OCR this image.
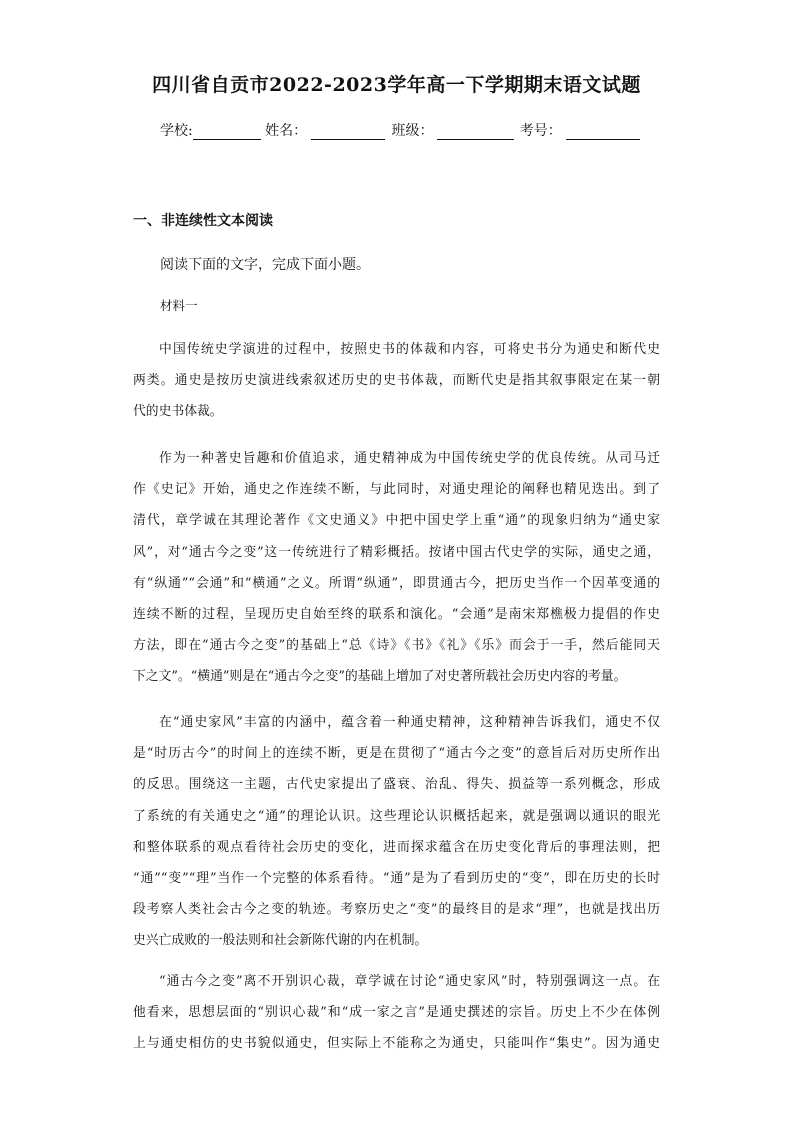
四川省自贡市2022-2023学年高一下学期期末语文试题
学校:	姓名：	班级：	考号：
一、非连续性文本阅读
阅读下面的文字，完成下面小题。
材料一
中国传统史学演进的过程中，按照史书的体裁和内容，可将史书分为通史和断代史
两类。通史是按历史演进线索叙述历史的史书体裁，而断代史是指其叙事限定在某一朝
代的史书体裁。
作为一种著史旨趣和价值追求，通史精神成为中国传统史学的优良传统。从司马迁
作《史记》开始，通史之作连续不断，与此同时，对通史理论的阐释也精见迭出。到了
清代，章学诚在其理论著作《文史通义》中把中国史学上重“通”的现象归纳为“通史家
风”，对“通古今之变”这一传统进行了精彩概括。按诸中国古代史学的实际，通史之通，
有“纵通”“会通”和“横通”之义。所谓“纵通”，即贯通古今，把历史当作一个因革变通的
连续不断的过程，呈现历史自始至终的联系和演化。“会通”是南宋郑樵极力提倡的作史
方法，即在“通古今之变”的基础上“总《诗》《书》《礼》《乐》而会于一手，然后能同天
下之文”。“横通”则是在“通古今之变”的基础上增加了对史著所载社会历史内容的考量。
在“通史家风”丰富的内涵中，蕴含着一种通史精神，这种精神告诉我们，通史不仅
是“时历古今”的时间上的连续不断，更是在贯彻了“通古今之变”的意旨后对历史所作出
的反思。围绕这一主题，古代史家提出了盛衰、治乱、得失、损益等一系列概念，形成
了系统的有关通史之“通”的理论认识。这些理论认识概括起来，就是强调以通识的眼光
和整体联系的观点看待社会历史的变化，进而探求蕴含在历史变化背后的事理法则，把
“通”“变”“理”当作一个完整的体系看待。“通”是为了看到历史的“变”，即在历史的长时
段考察人类社会古今之变的轨迹。考察历史之“变”的最终目的是求“理”，也就是找出历
史兴亡成败的一般法则和社会新陈代谢的内在机制。
“通古今之变”离不开别识心裁，章学诚在讨论“通史家风”时，特别强调这一点。在
他看来，思想层面的“别识心裁”和“成一家之言”是通史撰述的宗旨。历史上不少在体例
上与通史相仿的史书貌似通史，但实际上不能称之为通史，只能叫作“集史”。因为通史
